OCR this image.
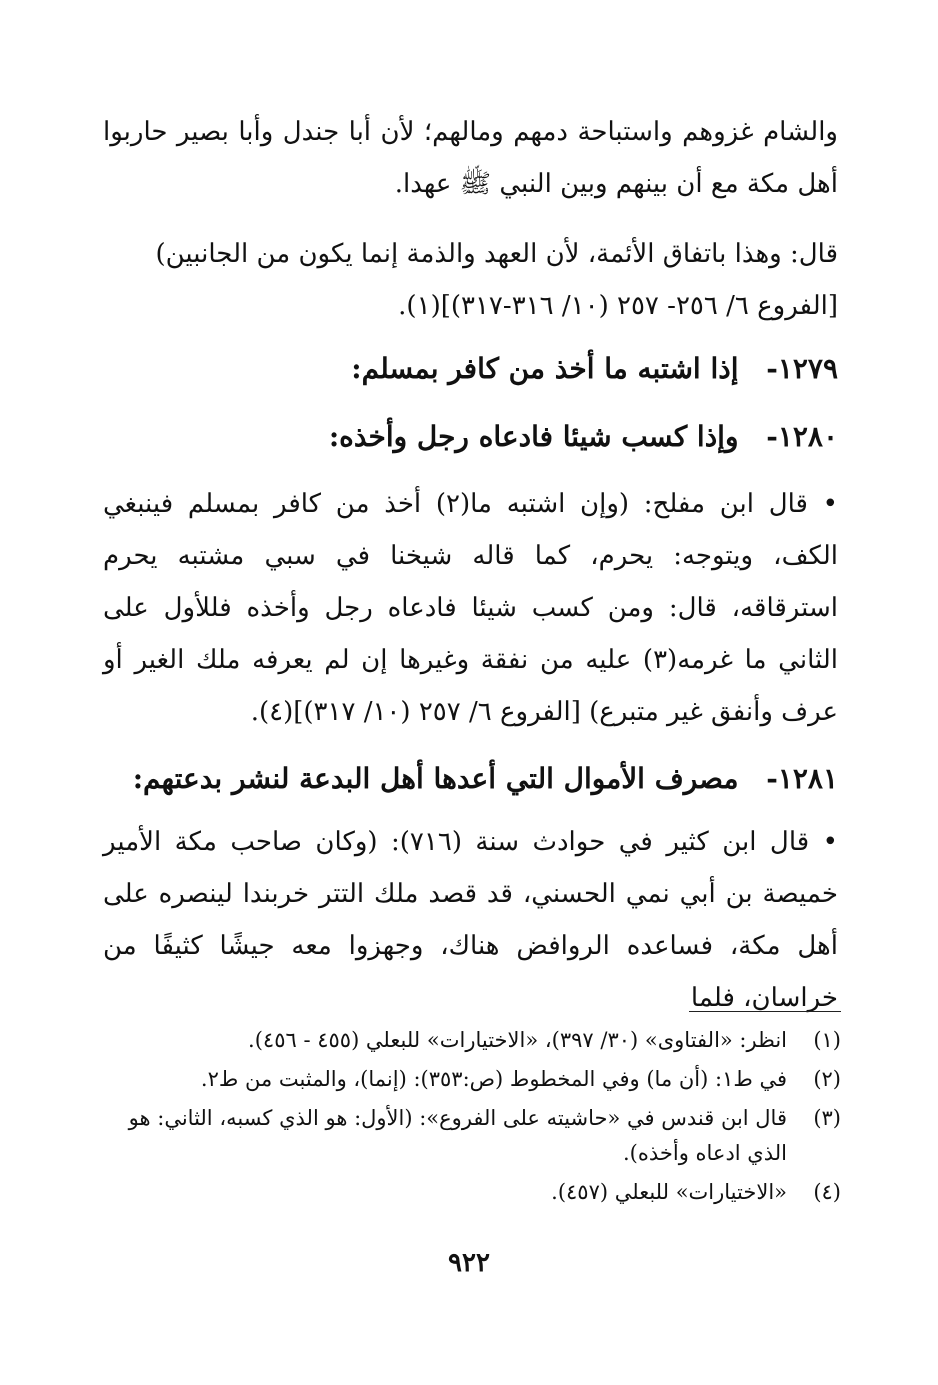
والشام غزوهم واستباحة دمهم ومالهم؛ لأن أبا جندل وأبا بصير حاربوا أهل مكة مع أن بينهم وبين النبي ﷺ عهدا.

قال: وهذا باتفاق الأئمة، لأن العهد والذمة إنما يكون من الجانبين)
[الفروع ٦/ ٢٥٦- ٢٥٧ (١٠/ ٣١٦-٣١٧)](١).

١٢٧٩- إذا اشتبه ما أخذ من كافر بمسلم:

١٢٨٠- وإذا كسب شيئا فادعاه رجل وأخذه:

• قال ابن مفلح: (وإن اشتبه ما(٢) أخذ من كافر بمسلم فينبغي الكف، ويتوجه: يحرم، كما قاله شيخنا في سبي مشتبه يحرم استرقاقه، قال: ومن كسب شيئا فادعاه رجل وأخذه فللأول على الثاني ما غرمه(٣) عليه من نفقة وغيرها إن لم يعرفه ملك الغير أو عرف وأنفق غير متبرع) [الفروع ٦/ ٢٥٧ (١٠/ ٣١٧)](٤).

١٢٨١- مصرف الأموال التي أعدها أهل البدعة لنشر بدعتهم:

• قال ابن كثير في حوادث سنة (٧١٦): (وكان صاحب مكة الأمير خميصة بن أبي نمي الحسني، قد قصد ملك التتر خربندا لينصره على أهل مكة، فساعده الروافض هناك، وجهزوا معه جيشًا كثيفًا من خراسان، فلما

(١)
انظر: «الفتاوى» (٣٠/ ٣٩٧)، «الاختيارات» للبعلي (٤٥٥ - ٤٥٦).

(٢)
في ط١: (أن ما) وفي المخطوط (ص:٣٥٣): (إنما)، والمثبت من ط٢.

(٣)
قال ابن قندس في «حاشيته على الفروع»: (الأول: هو الذي كسبه، الثاني: هو الذي ادعاه وأخذه).

(٤)
«الاختيارات» للبعلي (٤٥٧).

٩٢٢
